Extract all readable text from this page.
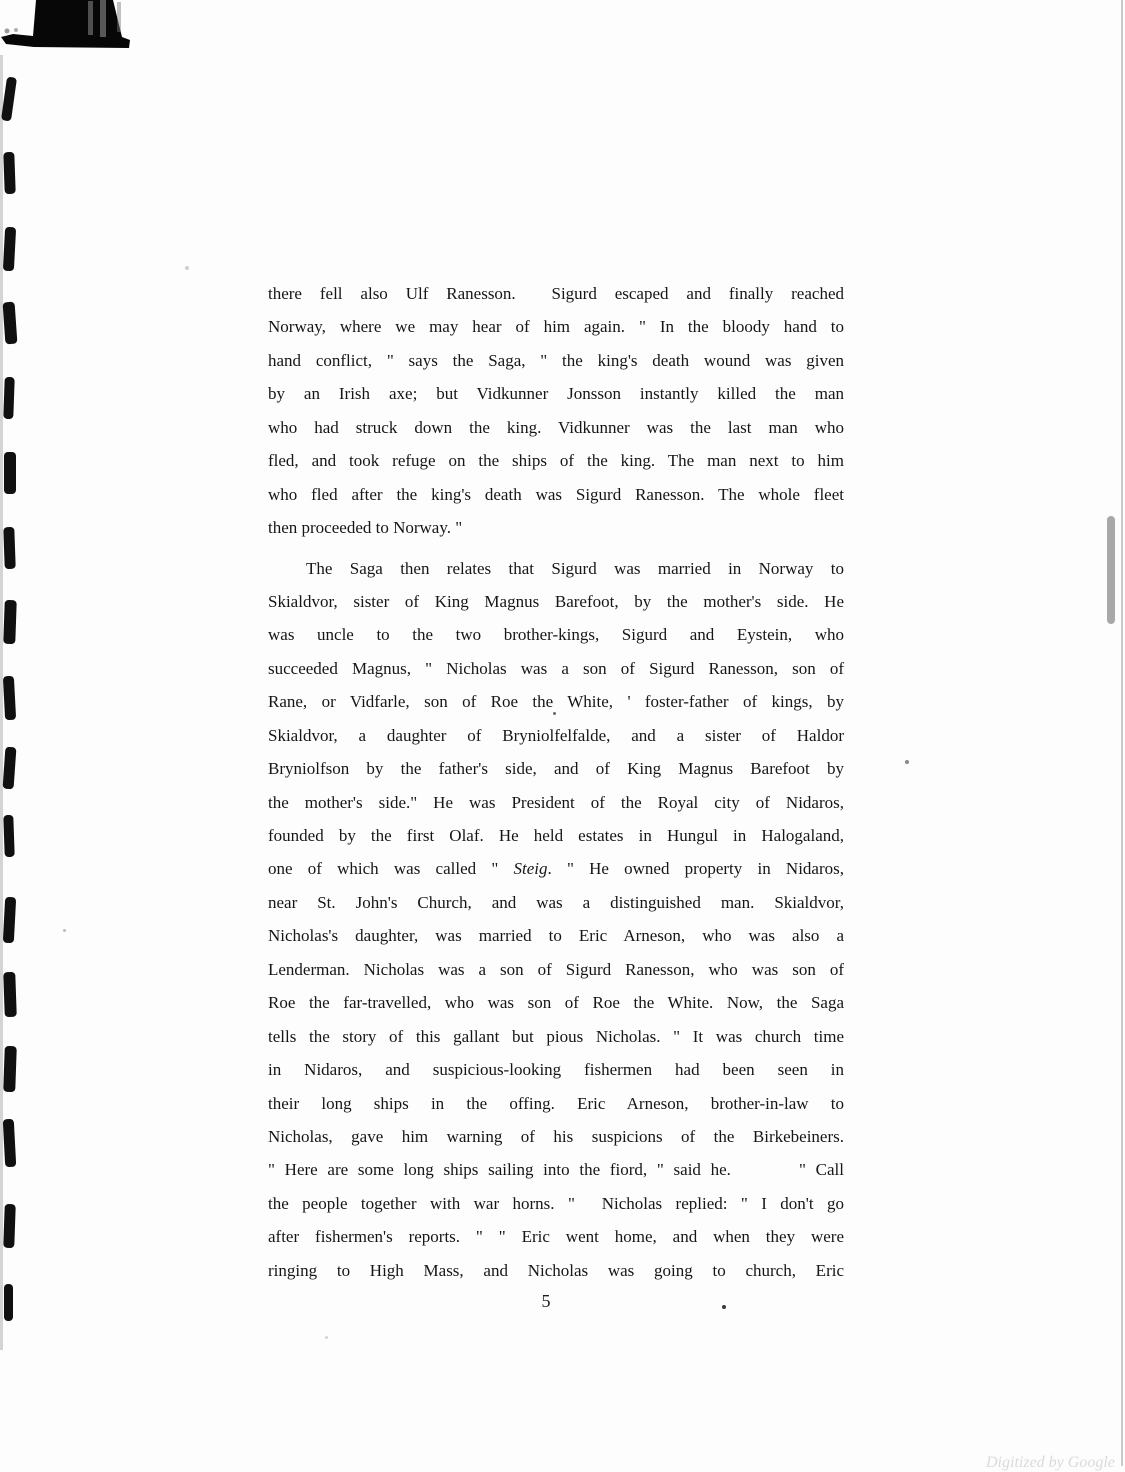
there fell also Ulf Ranesson.  Sigurd escaped and finally reached
Norway, where we may hear of him again. " In the bloody hand to
hand conflict, " says the Saga, " the king's death wound was given
by an Irish axe; but Vidkunner Jonsson instantly killed the man
who had struck down the king. Vidkunner was the last man who
fled, and took refuge on the ships of the king. The man next to him
who fled after the king's death was Sigurd Ranesson. The whole fleet
then proceeded to Norway. "
The Saga then relates that Sigurd was married in Norway to
Skialdvor, sister of King Magnus Barefoot, by the mother's side. He
was uncle to the two brother-kings, Sigurd and Eystein, who
succeeded Magnus, " Nicholas was a son of Sigurd Ranesson, son of
Rane, or Vidfarle, son of Roe the White, ' foster-father of kings, by
Skialdvor, a daughter of Bryniolfelfalde, and a sister of Haldor
Bryniolfson by the father's side, and of King Magnus Barefoot by
the mother's side." He was President of the Royal city of Nidaros,
founded by the first Olaf. He held estates in Hungul in Halogaland,
one of which was called " Steig. " He owned property in Nidaros,
near St. John's Church, and was a distinguished man. Skialdvor,
Nicholas's daughter, was married to Eric Arneson, who was also a
Lenderman. Nicholas was a son of Sigurd Ranesson, who was son of
Roe the far-travelled, who was son of Roe the White. Now, the Saga
tells the story of this gallant but pious Nicholas. " It was church time
in Nidaros, and suspicious-looking fishermen had been seen in
their long ships in the offing. Eric Arneson, brother-in-law to
Nicholas, gave him warning of his suspicions of the Birkebeiners.
" Here are some long ships sailing into the fiord, " said he.       " Call
the people together with war horns. "  Nicholas replied: " I don't go
after fishermen's reports. " " Eric went home, and when they were
ringing to High Mass, and Nicholas was going to church, Eric
5
Digitized by Google
